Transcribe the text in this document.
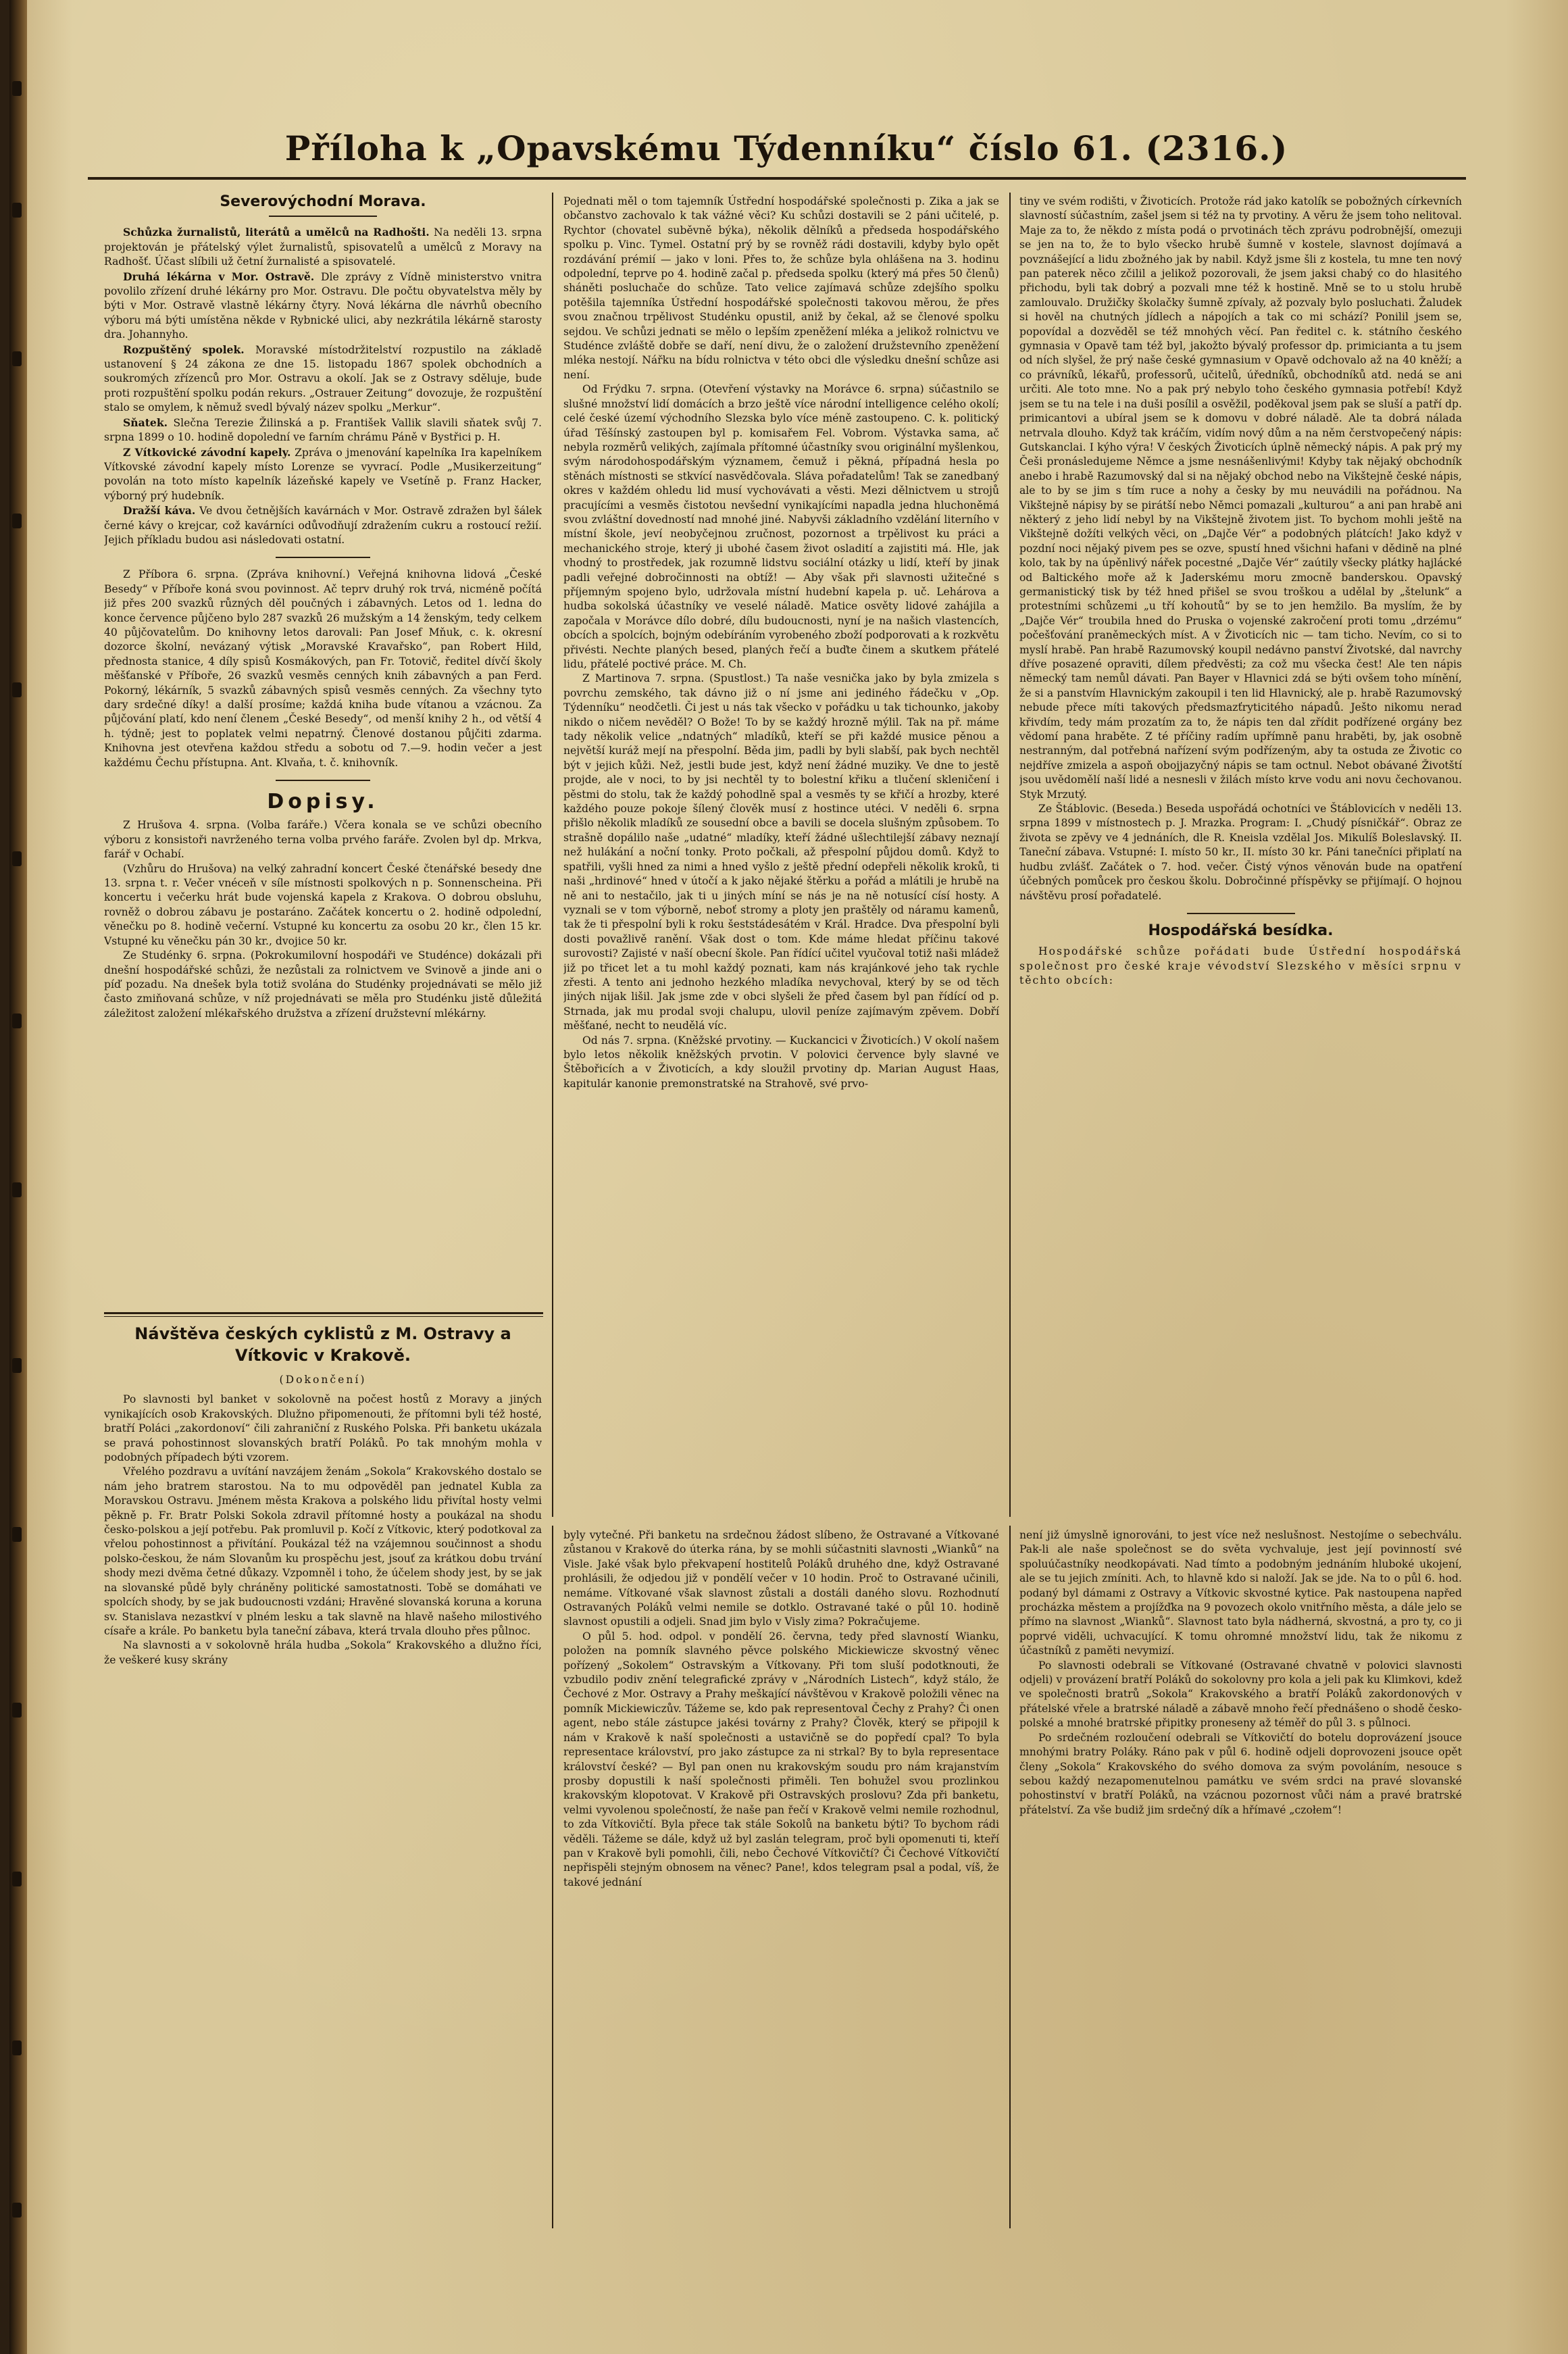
Příloha k „Opavskému Týdenníku“ číslo 61. (2316.)
Severovýchodní Morava.

Schůzka žurnalistů, literátů a umělců na Radhošti. Na neděli 13. srpna projektován je přátelský výlet žurnalistů, spisovatelů a umělců z Moravy na Radhošť. Účast slíbili už četní žurnalisté a spisovatelé.

Druhá lékárna v Mor. Ostravě. Dle zprávy z Vídně ministerstvo vnitra povolilo zřízení druhé lékárny pro Mor. Ostravu. Dle počtu obyvatelstva měly by býti v Mor. Ostravě vlastně lékárny čtyry. Nová lékárna dle návrhů obecního výboru má býti umístěna někde v Rybnické ulici, aby nezkrátila lékárně starosty dra. Johannyho.

Rozpuštěný spolek. Moravské místodržitelství rozpustilo na základě ustanovení § 24 zákona ze dne 15. listopadu 1867 spolek obchodních a soukromých zřízenců pro Mor. Ostravu a okolí. Jak se z Ostravy sděluje, bude proti rozpuštění spolku podán rekurs. „Ostrauer Zeitung“ dovozuje, že rozpuštění stalo se omylem, k němuž svedl bývalý název spolku „Merkur“.

Sňatek. Slečna Terezie Žilinská a p. František Vallik slavili sňatek svůj 7. srpna 1899 o 10. hodině dopolední ve farním chrámu Páně v Bystřici p. H.

Z Vítkovické závodní kapely. Zpráva o jmenování kapelníka Ira kapelníkem Vítkovské závodní kapely místo Lorenze se vyvrací. Podle „Musikerzeitung“ povolán na toto místo kapelník lázeňské kapely ve Vsetíně p. Franz Hacker, výborný prý hudebník.

Dražší káva. Ve dvou četnějších kavárnách v Mor. Ostravě zdražen byl šálek černé kávy o krejcar, což kavárníci odůvodňují zdražením cukru a rostoucí režií. Jejich příkladu budou asi následovati ostatní.

Z Příbora 6. srpna. (Zpráva knihovní.) Veřejná knihovna lidová „České Besedy“ v Příboře koná svou povinnost. Ač teprv druhý rok trvá, nicméně počítá již přes 200 svazků různých děl poučných i zábavných. Letos od 1. ledna do konce července půjčeno bylo 287 svazků 26 mužským a 14 ženským, tedy celkem 40 půjčovatelům. Do knihovny letos darovali: Pan Josef Mňuk, c. k. okresní dozorce školní, nevázaný výtisk „Moravské Kravařsko“, pan Robert Hild, přednosta stanice, 4 díly spisů Kosmákových, pan Fr. Totovič, ředitel dívčí školy měšťanské v Příboře, 26 svazků vesměs cenných knih zábavných a pan Ferd. Pokorný, lékárník, 5 svazků zábavných spisů vesměs cenných. Za všechny tyto dary srdečné díky! a další prosíme; každá kniha bude vítanou a vzácnou. Za půjčování platí, kdo není členem „České Besedy“, od menší knihy 2 h., od větší 4 h. týdně; jest to poplatek velmi nepatrný. Členové dostanou půjčiti zdarma. Knihovna jest otevřena každou středu a sobotu od 7.—9. hodin večer a jest každému Čechu přístupna. Ant. Klvaňa, t. č. knihovník.

Dopisy.

Z Hrušova 4. srpna. (Volba faráře.) Včera konala se ve schůzi obecního výboru z konsistoři navrženého terna volba prvého faráře. Zvolen byl dp. Mrkva, farář v Ochabí.

(Vzhůru do Hrušova) na velký zahradní koncert České čtenářské besedy dne 13. srpna t. r. Večer vnéceň v síle místnosti spolkových n p. Sonnenscheina. Při koncertu i večerku hrát bude vojenská kapela z Krakova. O dobrou obsluhu, rovněž o dobrou zábavu je postaráno. Začátek koncertu o 2. hodině odpolední, věnečku po 8. hodině večerní. Vstupné ku koncertu za osobu 20 kr., člen 15 kr. Vstupné ku věnečku pán 30 kr., dvojice 50 kr.

Ze Studénky 6. srpna. (Pokrokumilovní hospodáři ve Studénce) dokázali při dnešní hospodářské schůzi, že nezůstali za rolnictvem ve Svinově a jinde ani o píď pozadu. Na dnešek byla totiž svolána do Studénky projednávati se mělo již často zmiňovaná schůze, v níž projednávati se měla pro Studénku jistě důležitá záležitost založení mlékařského družstva a zřízení družstevní mlékárny.

Pojednati měl o tom tajemník Ústřední hospodářské společnosti p. Zika a jak se občanstvo zachovalo k tak vážné věci? Ku schůzi dostavili se 2 páni učitelé, p. Rychtor (chovatel suběvně býka), několik dělníků a předseda hospodářského spolku p. Vinc. Tymel. Ostatní prý by se rovněž rádi dostavili, kdyby bylo opět rozdávání prémií — jako v loni. Přes to, že schůze byla ohlášena na 3. hodinu odpolední, teprve po 4. hodině začal p. předseda spolku (který má přes 50 členů) sháněti posluchače do schůze. Tato velice zajímavá schůze zdejšího spolku potěšila tajemníka Ústřední hospodářské společnosti takovou měrou, že přes svou značnou trpělivost Studénku opustil, aniž by čekal, až se členové spolku sejdou. Ve schůzi jednati se mělo o lepším zpeněžení mléka a jelikož rolnictvu ve Studénce zvláště dobře se daří, není divu, že o založení družstevního zpeněžení mléka nestojí. Nářku na bídu rolnictva v této obci dle výsledku dnešní schůze asi není.

Od Frýdku 7. srpna. (Otevření výstavky na Morávce 6. srpna) súčastnilo se slušné množství lidí domácích a brzo ještě více národní intelligence celého okolí; celé české území východního Slezska bylo více méně zastoupeno. C. k. politický úřad Těšínský zastoupen byl p. komisařem Fel. Vobrom. Výstavka sama, ač nebyla rozměrů velikých, zajímala přítomné účastníky svou originální myšlenkou, svým národohospodářským významem, čemuž i pěkná, případná hesla po stěnách místnosti se stkvící nasvědčovala. Sláva pořadatelům! Tak se zanedbaný okres v každém ohledu lid musí vychovávati a věsti. Mezi dělnictvem u strojů pracujícími a vesměs čistotou nevšední vynikajícími napadla jedna hluchoněmá svou zvláštní dovedností nad mnohé jiné. Nabyvši základního vzdělání literního v místní škole, jeví neobyčejnou zručnost, pozornost a trpělivost ku práci a mechanického stroje, který ji ubohé časem život osladití a zajistiti má. Hle, jak vhodný to prostředek, jak rozumně lidstvu sociální otázky u lidí, kteří by jinak padli veřejné dobročinnosti na obtíž! — Aby však při slavnosti užitečné s příjemným spojeno bylo, udržovala místní hudební kapela p. uč. Lehárova a hudba sokolská účastníky ve veselé náladě. Matice osvěty lidové zahájila a započala v Morávce dílo dobré, dílu budoucnosti, nyní je na našich vlastencích, obcích a spolcích, bojným odebíráním vyrobeného zboží podporovati a k rozkvětu přivésti. Nechte planých besed, planých řečí a buďte činem a skutkem přátelé lidu, přátelé poctivé práce. M. Ch.

Z Martinova 7. srpna. (Spustlost.) Ta naše vesnička jako by byla zmizela s povrchu zemského, tak dávno již o ní jsme ani jediného řádečku v „Op. Týdenníku“ neodčetli. Či jest u nás tak všecko v pořádku u tak tichounko, jakoby nikdo o ničem nevěděl? O Bože! To by se každý hrozně mýlil. Tak na př. máme tady několik velice „ndatných“ mladíků, kteří se při každé musice pěnou a největší kuráž mejí na přespolní. Běda jim, padli by byli slabší, pak bych nechtěl být v jejich kůži. Než, jestli bude jest, když není žádné muziky. Ve dne to jestě projde, ale v noci, to by jsi nechtěl ty to bolestní křiku a tlučení skleničení i pěstmi do stolu, tak že každý pohodlně spal a vesměs ty se křičí a hrozby, které každého pouze pokoje šílený člověk musí z hostince utéci. V neděli 6. srpna přišlo několik mladíků ze sousední obce a bavili se docela slušným způsobem. To strašně dopálilo naše „udatné“ mladíky, kteří žádné ušlechtilejší zábavy neznají než hulákání a noční tonky. Proto počkali, až přespolní půjdou domů. Když to spatřili, vyšli hned za nimi a hned vyšlo z ještě přední odepřeli několik kroků, ti naši „hrdinové“ hned v útočí a k jako nějaké štěrku a pořád a mlátili je hrubě na ně ani to nestačilo, jak ti u jiných míní se nás je na ně notusící císí hosty. A vyznali se v tom výborně, neboť stromy a ploty jen praštěly od náramu kamenů, tak že ti přespolní byli k roku šeststádesátém v Král. Hradce. Dva přespolní byli dosti považlivě ranění. Však dost o tom. Kde máme hledat příčinu takové surovosti? Zajisté v naší obecní škole. Pan řídící učitel vyučoval totiž naši mládež již po třicet let a tu mohl každý poznati, kam nás krajánkové jeho tak rychle zřesti. A tento ani jednoho hezkého mladíka nevychoval, který by se od těch jiných nijak lišil. Jak jsme zde v obci slyšeli že před časem byl pan řídící od p. Strnada, jak mu prodal svoji chalupu, ulovil peníze zajímavým zpěvem. Dobří měšťané, necht to neudělá víc.

Od nás 7. srpna. (Kněžské prvotiny. — Kuckancici v Životicích.) V okolí našem bylo letos několik kněžských prvotin. V polovici července byly slavné ve Štěbořicích a v Životicích, a kdy sloužil prvotiny dp. Marian August Haas, kapitulár kanonie premonstratské na Strahově, své prvo-

tiny ve svém rodišti, v Životicích. Protože rád jako katolík se pobožných církevních slavností súčastním, zašel jsem si též na ty prvotiny. A věru že jsem toho nelitoval. Maje za to, že někdo z místa podá o prvotinách těch zprávu podrobnější, omezuji se jen na to, že to bylo všecko hrubě šumně v kostele, slavnost dojímavá a povznášející a lidu zbožného jak by nabil. Když jsme šli z kostela, tu mne ten nový pan paterek něco zčilil a jelikož pozorovali, že jsem jaksi chabý co do hlasitého přichodu, byli tak dobrý a pozvali mne též k hostině. Mně se to u stolu hrubě zamlouvalo. Družičky školačky šumně zpívaly, až pozvaly bylo posluchati. Žaludek si hověl na chutných jídlech a nápojích a tak co mi schází? Ponilil jsem se, popovídal a dozvěděl se též mnohých věcí. Pan ředitel c. k. státního českého gymnasia v Opavě tam též byl, jakožto bývalý professor dp. primicianta a tu jsem od ních slyšel, že prý naše české gymnasium v Opavě odchovalo až na 40 kněží; a co právníků, lékařů, professorů, učitelů, úředníků, obchodníků atd. nedá se ani určiti. Ale toto mne. No a pak prý nebylo toho českého gymnasia potřebí! Když jsem se tu na tele i na duši posílil a osvěžil, poděkoval jsem pak se sluší a patří dp. primicantovi a ubíral jsem se k domovu v dobré náladě. Ale ta dobrá nálada netrvala dlouho. Když tak kráčím, vidím nový dům a na něm čerstvopečený nápis: Gutskanclai. I kýho výra! V českých Životicích úplně německý nápis. A pak prý my Češi pronásledujeme Němce a jsme nesnášenlivými! Kdyby tak nějaký obchodník anebo i hrabě Razumovský dal si na nějaký obchod nebo na Vikštejně české nápis, ale to by se jim s tím ruce a nohy a česky by mu neuvádili na pořádnou. Na Vikštejně nápisy by se pirátší nebo Němci pomazali „kulturou“ a ani pan hrabě ani některý z jeho lidí nebyl by na Vikštejně životem jist. To bychom mohli ještě na Vikštejně dožíti velkých věci, on „Dajče Vér“ a podobných plátcích! Jako když v pozdní noci nějaký pivem pes se ozve, spustí hned všichni hafani v dědině na plné kolo, tak by na úpěnlivý nářek pocestné „Dajče Vér“ zaútily všecky plátky hajlácké od Baltického moře až k Jaderskému moru zmocně banderskou. Opavský germanistický tisk by též hned přišel se svou troškou a udělal by „štelunk“ a protestními schůzemi „u tří kohoutů“ by se to jen hemžilo. Ba myslím, že by „Dajče Vér“ troubila hned do Pruska o vojenské zakročení proti tomu „drzému“ počešťování praněmeckých míst. A v Životicích nic — tam ticho. Nevím, co si to myslí hrabě. Pan hrabě Razumovský koupil nedávno panství Životské, dal navrchy dříve posazené opraviti, dílem předvěsti; za což mu všecka čest! Ale ten nápis německý tam nemůl dávati. Pan Bayer v Hlavnici zdá se býti ovšem toho mínění, že si a panstvím Hlavnickým zakoupil i ten lid Hlavnický, ale p. hrabě Razumovský nebude přece míti takových předsmazťryticitého nápadů. Ješto nikomu nerad křivdím, tedy mám prozatím za to, že nápis ten dal zřídit podřízené orgány bez vědomí pana hraběte. Z té příčiny radím upřímně panu hraběti, by, jak osobně nestranným, dal potřebná nařízení svým podřízeným, aby ta ostuda ze Životic co nejdříve zmizela a aspoň obojjazyčný nápis se tam octnul. Nebot obávané Životští jsou uvědomělí naší lidé a nesnesli v žilách místo krve vodu ani novu čechovanou. Styk Mrzutý.

Ze Štáblovic. (Beseda.) Beseda uspořádá ochotníci ve Štáblovicích v neděli 13. srpna 1899 v místnostech p. J. Mrazka. Program: I. „Chudý písničkář“. Obraz ze života se zpěvy ve 4 jednáních, dle R. Kneisla vzdělal Jos. Mikulíš Boleslavský. II. Taneční zábava. Vstupné: I. místo 50 kr., II. místo 30 kr. Páni tanečníci připlatí na hudbu zvlášť. Začátek o 7. hod. večer. Čistý výnos věnován bude na opatření účebných pomůcek pro českou školu. Dobročinné příspěvky se přijímají. O hojnou návštěvu prosí pořadatelé.

Hospodářská besídka.

Hospodářské schůze pořádati bude Ústřední hospodářská společnost pro české kraje vévodství Slezského v měsíci srpnu v těchto obcích:

Návštěva českých cyklistů z M. Ostravy a Vítkovic v Krakově.
(Dokončení)

Po slavnosti byl banket v sokolovně na počest hostů z Moravy a jiných vynikajících osob Krakovských. Dlužno připomenouti, že přítomni byli též hosté, bratří Poláci „zakordonoví“ čili zahraniční z Ruského Polska. Při banketu ukázala se pravá pohostinnost slovanských bratří Poláků. Po tak mnohým mohla v podobných případech býti vzorem.

Vřelého pozdravu a uvítání navzájem ženám „Sokola“ Krakovského dostalo se nám jeho bratrem starostou. Na to mu odpověděl pan jednatel Kubla za Moravskou Ostravu. Jménem města Krakova a polského lidu přivítal hosty velmi pěkně p. Fr. Bratr Polski Sokola zdravil přítomné hosty a poukázal na shodu česko-polskou a její potřebu. Pak promluvil p. Kočí z Vítkovic, který podotkoval za vřelou pohostinnost a přivítání. Poukázal též na vzájemnou součinnost a shodu polsko-českou, že nám Slovanům ku prospěchu jest, jsouť za krátkou dobu trvání shody mezi dvěma četné důkazy. Vzpomněl i toho, že účelem shody jest, by se jak na slovanské půdě byly chráněny politické samostatnosti. Tobě se domáhati ve spolcích shody, by se jak budoucnosti vzdáni; Hravěné slovanská koruna a koruna sv. Stanislava nezastkví v plném lesku a tak slavně na hlavě našeho milostivého císaře a krále. Po banketu byla taneční zábava, která trvala dlouho přes půlnoc.

Na slavnosti a v sokolovně hrála hudba „Sokola“ Krakovského a dlužno říci, že veškeré kusy skrány

byly vytečné. Při banketu na srdečnou žádost slíbeno, že Ostravané a Vítkované zůstanou v Krakově do úterka rána, by se mohli súčastniti slavnosti „Wianků“ na Visle. Jaké však bylo překvapení hostitelů Poláků druhého dne, když Ostravané prohlásili, že odjedou již v pondělí večer v 10 hodin. Proč to Ostravané učinili, nemáme. Vítkované však slavnost zůstali a dostáli daného slovu. Rozhodnutí Ostravaných Poláků velmi nemile se dotklo. Ostravané také o půl 10. hodině slavnost opustili a odjeli. Snad jim bylo v Visly zima? Pokračujeme.

O půl 5. hod. odpol. v pondělí 26. června, tedy před slavností Wianku, položen na pomník slavného pěvce polského Mickiewicze skvostný věnec pořízený „Sokolem“ Ostravským a Vítkovany. Při tom sluší podotknouti, že vzbudilo podiv znění telegrafické zprávy v „Národních Listech“, když stálo, že Čechové z Mor. Ostravy a Prahy meškající návštěvou v Krakově položili věnec na pomník Mickiewiczův. Tážeme se, kdo pak representoval Čechy z Prahy? Či onen agent, nebo stále zástupce jakési továrny z Prahy? Člověk, který se připojil k nám v Krakově k naší společnosti a ustavičně se do popředí cpal? To byla representace království, pro jako zástupce za ni strkal? By to byla representace království české? — Byl pan onen nu krakovským soudu pro nám krajanstvím prosby dopustili k naší společnosti přiměli. Ten bohužel svou prozlinkou krakovským klopotovat. V Krakově při Ostravských proslovu? Zda při banketu, velmi vyvolenou společností, že naše pan řečí v Krakově velmi nemile rozhodnul, to zda Vítkovičtí. Byla přece tak stále Sokolů na banketu býti? To bychom rádi věděli. Tážeme se dále, když už byl zaslán telegram, proč byli opomenuti ti, kteří pan v Krakově byli pomohli, čili, nebo Čechové Vítkovičtí? Či Čechové Vítkovičtí nepřispěli stejným obnosem na věnec? Pane!, kdos telegram psal a podal, víš, že takové jednání

není již úmyslně ignorováni, to jest více než neslušnost. Nestojíme o sebechválu. Pak-li ale naše společnost se do světa vychvaluje, jest její povinností své spoluúčastníky neodkopávati. Nad tímto a podobným jednáním hluboké ukojení, ale se tu jejich zmíniti. Ach, to hlavně kdo si naloží. Jak se jde. Na to o půl 6. hod. podaný byl dámami z Ostravy a Vítkovic skvostné kytice. Pak nastoupena napřed procházka městem a projížďka na 9 povozech okolo vnitřního města, a dále jelo se přímo na slavnost „Wianků“. Slavnost tato byla nádherná, skvostná, a pro ty, co ji poprvé viděli, uchvacující. K tomu ohromné množství lidu, tak že nikomu z účastníků z paměti nevymizí.

Po slavnosti odebrali se Vítkované (Ostravané chvatně v polovici slavnosti odjeli) v provázení bratří Poláků do sokolovny pro kola a jeli pak ku Klimkovi, kdež ve společnosti bratrů „Sokola“ Krakovského a bratří Poláků zakordonových v přátelské vřele a bratrské náladě a zábavě mnoho řečí přednášeno o shodě česko-polské a mnohé bratrské připitky proneseny až téměř do půl 3. s půlnoci.

Po srdečném rozloučení odebrali se Vítkovičtí do botelu doprovázení jsouce mnohými bratry Poláky. Ráno pak v půl 6. hodině odjeli doprovozeni jsouce opět členy „Sokola“ Krakovského do svého domova za svým povoláním, nesouce s sebou každý nezapomenutelnou památku ve svém srdci na pravé slovanské pohostinství v bratří Poláků, na vzácnou pozornost vůči nám a pravé bratrské přátelství. Za vše budiž jim srdečný dík a hřímavé „czołem“!
